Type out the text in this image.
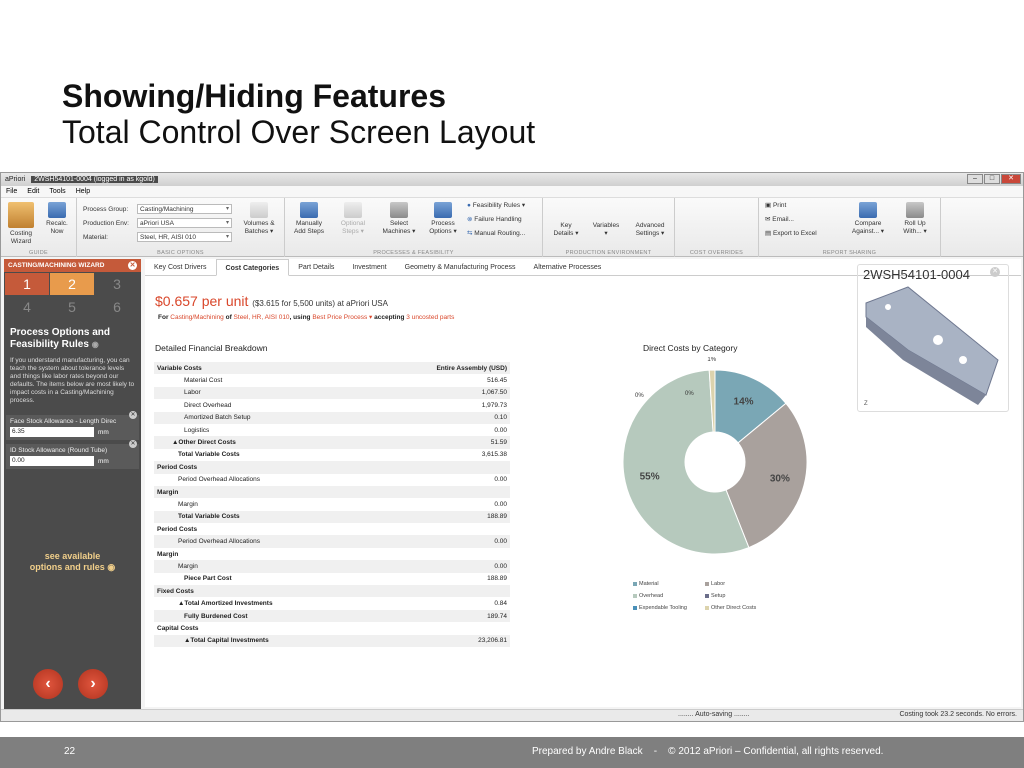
Showing/Hiding Features
Total Control Over Screen Layout
aPriori	2WSH54101-0004 (logged in as kgold)	–	□	✕
File Edit Tools Help
Costing
Wizard
Recalc.
Now
GUIDE
Process Group:	Casting/Machining ▾
Production Env:	aPriori USA ▾
Material:	Steel, HR, AISI 010 ▾
Volumes &
Batches ▾
BASIC OPTIONS
Manually
Add Steps
Optional
Steps ▾
Select
Machines ▾
Process
Options ▾
● Feasibility Rules ▾
⊗ Failure Handling
⇆ Manual Routing...
PROCESSES & FEASIBILITY
Key
Details ▾
Variables
▾
Advanced
Settings ▾
PRODUCTION ENVIRONMENT	COST OVERRIDES
▣ Print
✉ Email...
▤ Export to Excel
Compare
Against... ▾
Roll Up
With... ▾
REPORT SHARING
CASTING/MACHINING WIZARD	✕
1	2	3
4	5	6
Process Options and Feasibility Rules ◉
If you understand manufacturing, you can teach the system about tolerance levels and things like labor rates beyond our defaults. The items below are most likely to impact costs in a Casting/Machining process.
✕
Face Stock Allowance - Length Direc
6.35	mm
✕
ID Stock Allowance (Round Tube)
0.00	mm
see available
options and rules ◉
‹	›
Key Cost Drivers	Cost Categories	Part Details	Investment	Geometry & Manufacturing Process	Alternative Processes
$0.657 per unit ($3.615 for 5,500 units) at aPriori USA
For Casting/Machining of Steel, HR, AISI 010, using Best Price Process ▾ accepting 3 uncosted parts
Detailed Financial Breakdown
Variable Costs	Entire Assembly (USD)
Material Cost	516.45
Labor	1,067.50
Direct Overhead	1,979.73
Amortized Batch Setup	0.10
Logistics	0.00
▲Other Direct Costs	51.59
Total Variable Costs	3,615.38
Period Costs	
Period Overhead Allocations	0.00
Margin	
Margin	0.00
Total Variable Costs	188.89
Period Costs	
Period Overhead Allocations	0.00
Margin	
Margin	0.00
Piece Part Cost	188.89
Fixed Costs	
▲Total Amortized Investments	0.84
Fully Burdened Cost	189.74
Capital Costs	
▲Total Capital Investments	23,206.81
Z
2WSH54101-0004	✕
Direct Costs by Category
14%
30%
55%
1%
0%	0%
Material	Labor
Overhead	Setup
Expendable Tooling	Other Direct Costs
........ Auto-saving ........	Costing took 23.2 seconds. No errors.
22	Prepared by Andre Black    -    © 2012 aPriori – Confidential, all rights reserved.
